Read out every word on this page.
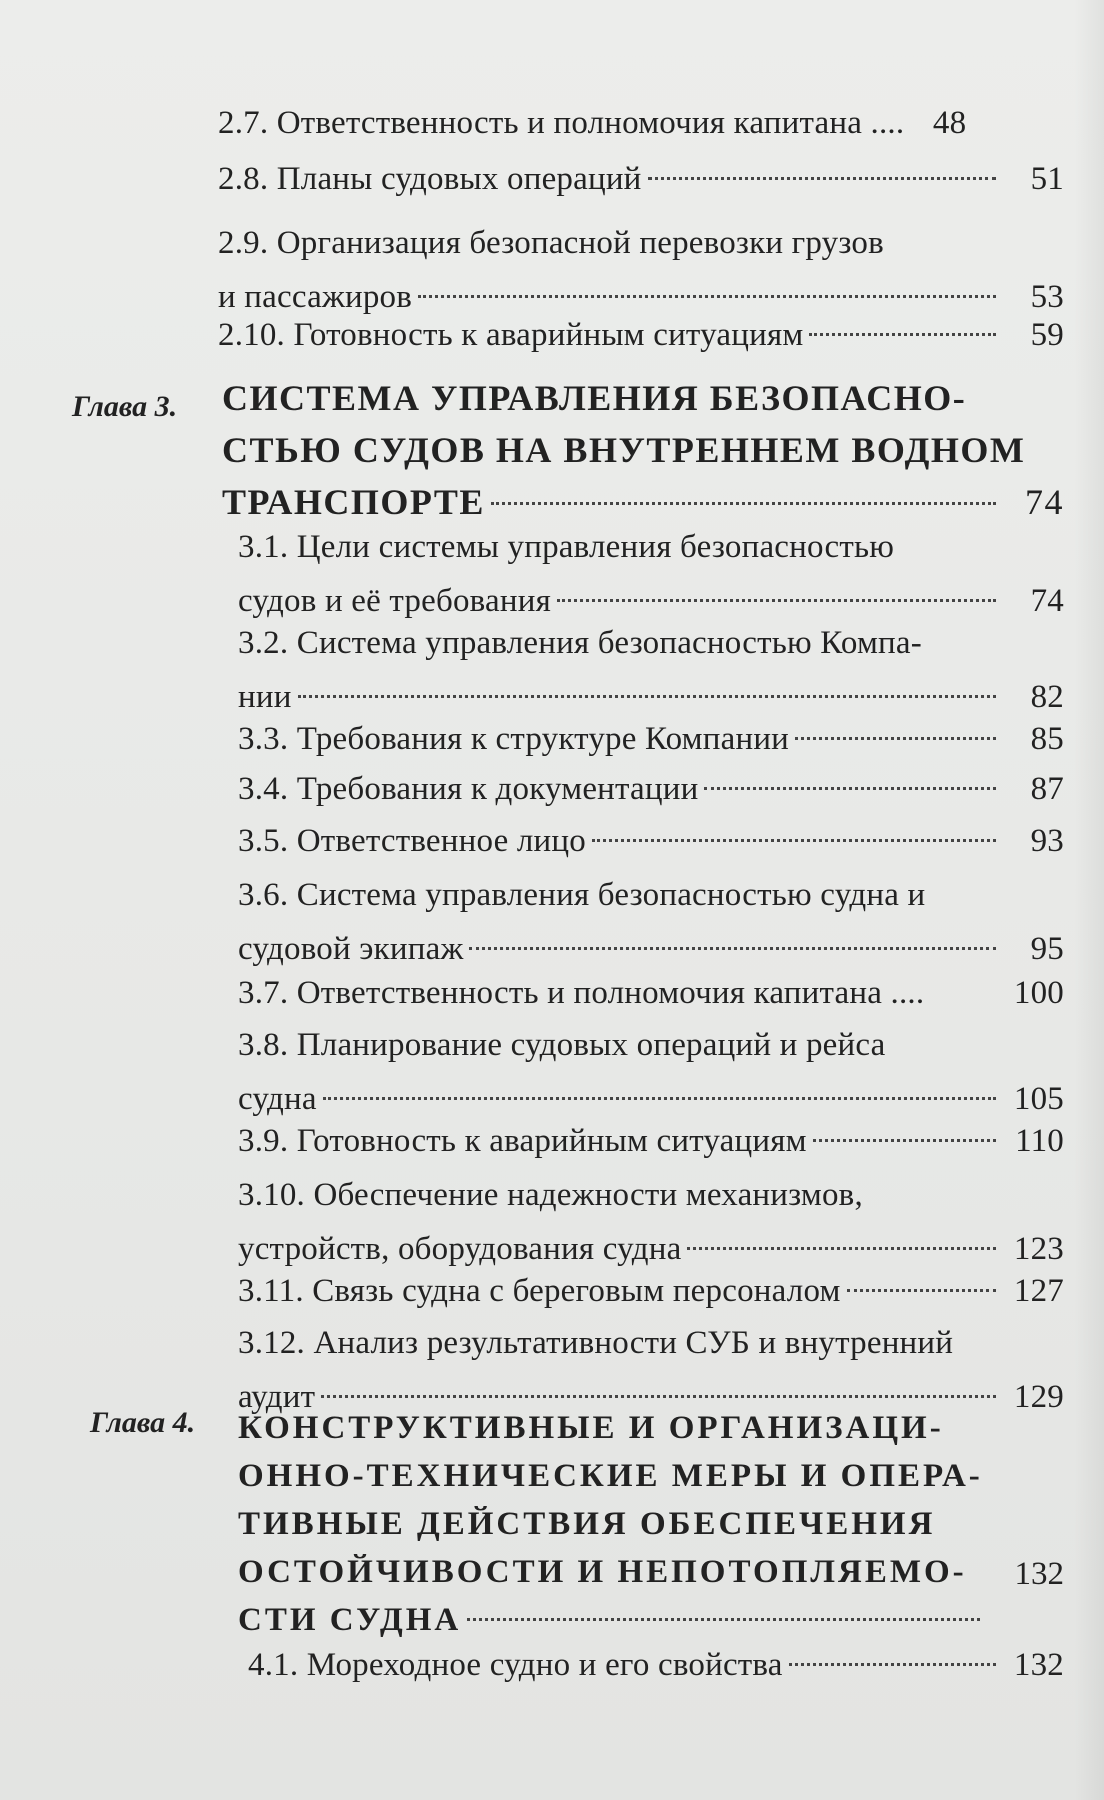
2.7. Ответственность и полномочия капитана .... 48
2.8. Планы судовых операций	51
2.9. Организация безопасной перевозки грузов
и пассажиров	53
2.10. Готовность к аварийным ситуациям	59
Глава 3. СИСТЕМА УПРАВЛЕНИЯ БЕЗОПАСНО-
СТЬЮ СУДОВ НА ВНУТРЕННЕМ ВОДНОМ
ТРАНСПОРТЕ	74
3.1. Цели системы управления безопасностью
судов и её требования	74
3.2. Система управления безопасностью Компа-
нии	82
3.3. Требования к структуре Компании	85
3.4. Требования к документации	87
3.5. Ответственное лицо	93
3.6. Система управления безопасностью судна и
судовой экипаж	95
3.7. Ответственность и полномочия капитана ....	100
3.8. Планирование судовых операций и рейса
судна	105
3.9. Готовность к аварийным ситуациям	110
3.10. Обеспечение надежности механизмов,
устройств, оборудования судна	123
3.11. Связь судна с береговым персоналом	127
3.12. Анализ результативности СУБ и внутренний
аудит	129
Глава 4. КОНСТРУКТИВНЫЕ И ОРГАНИЗАЦИ-
ОННО-ТЕХНИЧЕСКИЕ МЕРЫ И ОПЕРА-
ТИВНЫЕ ДЕЙСТВИЯ ОБЕСПЕЧЕНИЯ
ОСТОЙЧИВОСТИ И НЕПОТОПЛЯЕМО-
СТИ СУДНА
132
4.1. Мореходное судно и его свойства	132
